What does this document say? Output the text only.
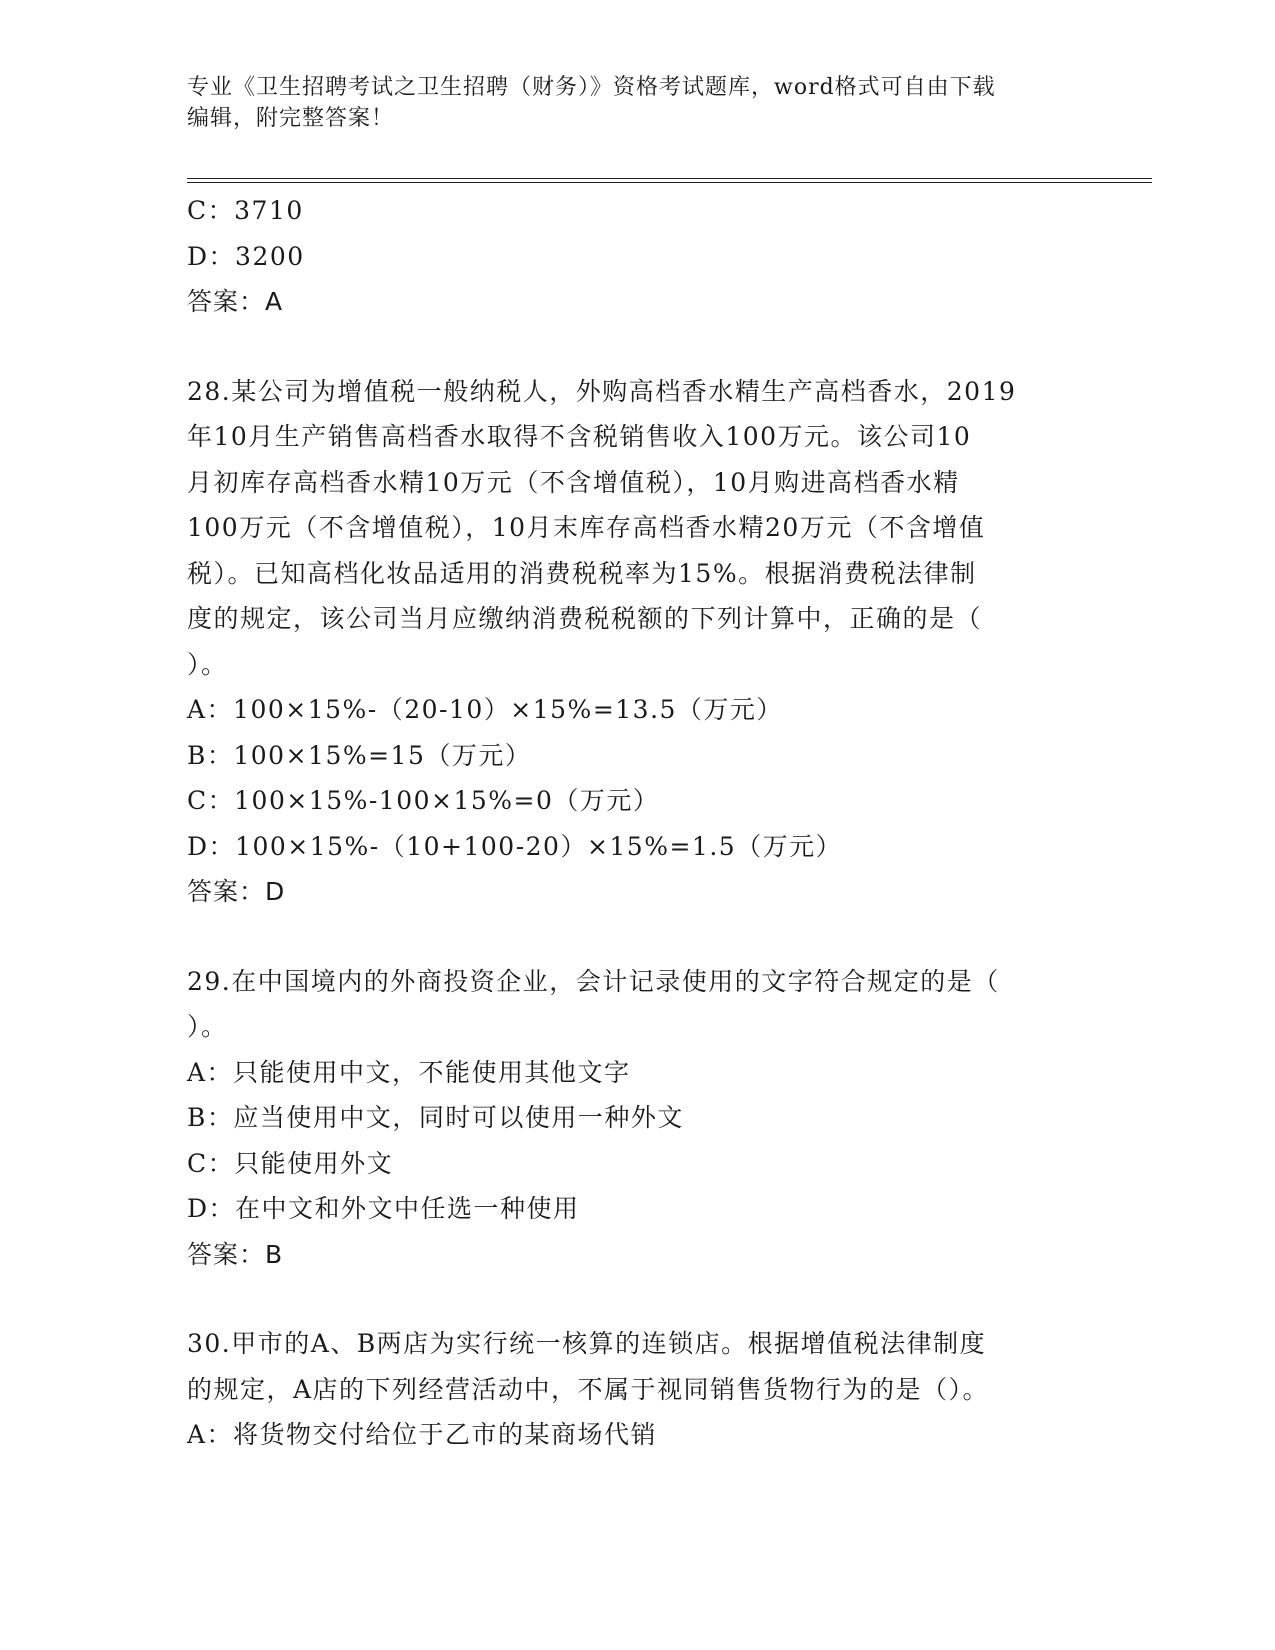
专业《卫生招聘考试之卫生招聘（财务）》资格考试题库，word格式可自由下载
编辑，附完整答案！
C：3710
D：3200
答案：A
28.某公司为增值税一般纳税人，外购高档香水精生产高档香水，2019
年10月生产销售高档香水取得不含税销售收入100万元。该公司10
月初库存高档香水精10万元（不含增值税），10月购进高档香水精
100万元（不含增值税），10月末库存高档香水精20万元（不含增值
税）。已知高档化妆品适用的消费税税率为15%。根据消费税法律制
度的规定，该公司当月应缴纳消费税税额的下列计算中，正确的是（
）。
A：100×15%-（20-10）×15%=13.5（万元）
B：100×15%=15（万元）
C：100×15%-100×15%=0（万元）
D：100×15%-（10+100-20）×15%=1.5（万元）
答案：D
29.在中国境内的外商投资企业，会计记录使用的文字符合规定的是（
）。
A：只能使用中文，不能使用其他文字
B：应当使用中文，同时可以使用一种外文
C：只能使用外文
D：在中文和外文中任选一种使用
答案：B
30.甲市的A、B两店为实行统一核算的连锁店。根据增值税法律制度
的规定，A店的下列经营活动中，不属于视同销售货物行为的是（）。
A：将货物交付给位于乙市的某商场代销
